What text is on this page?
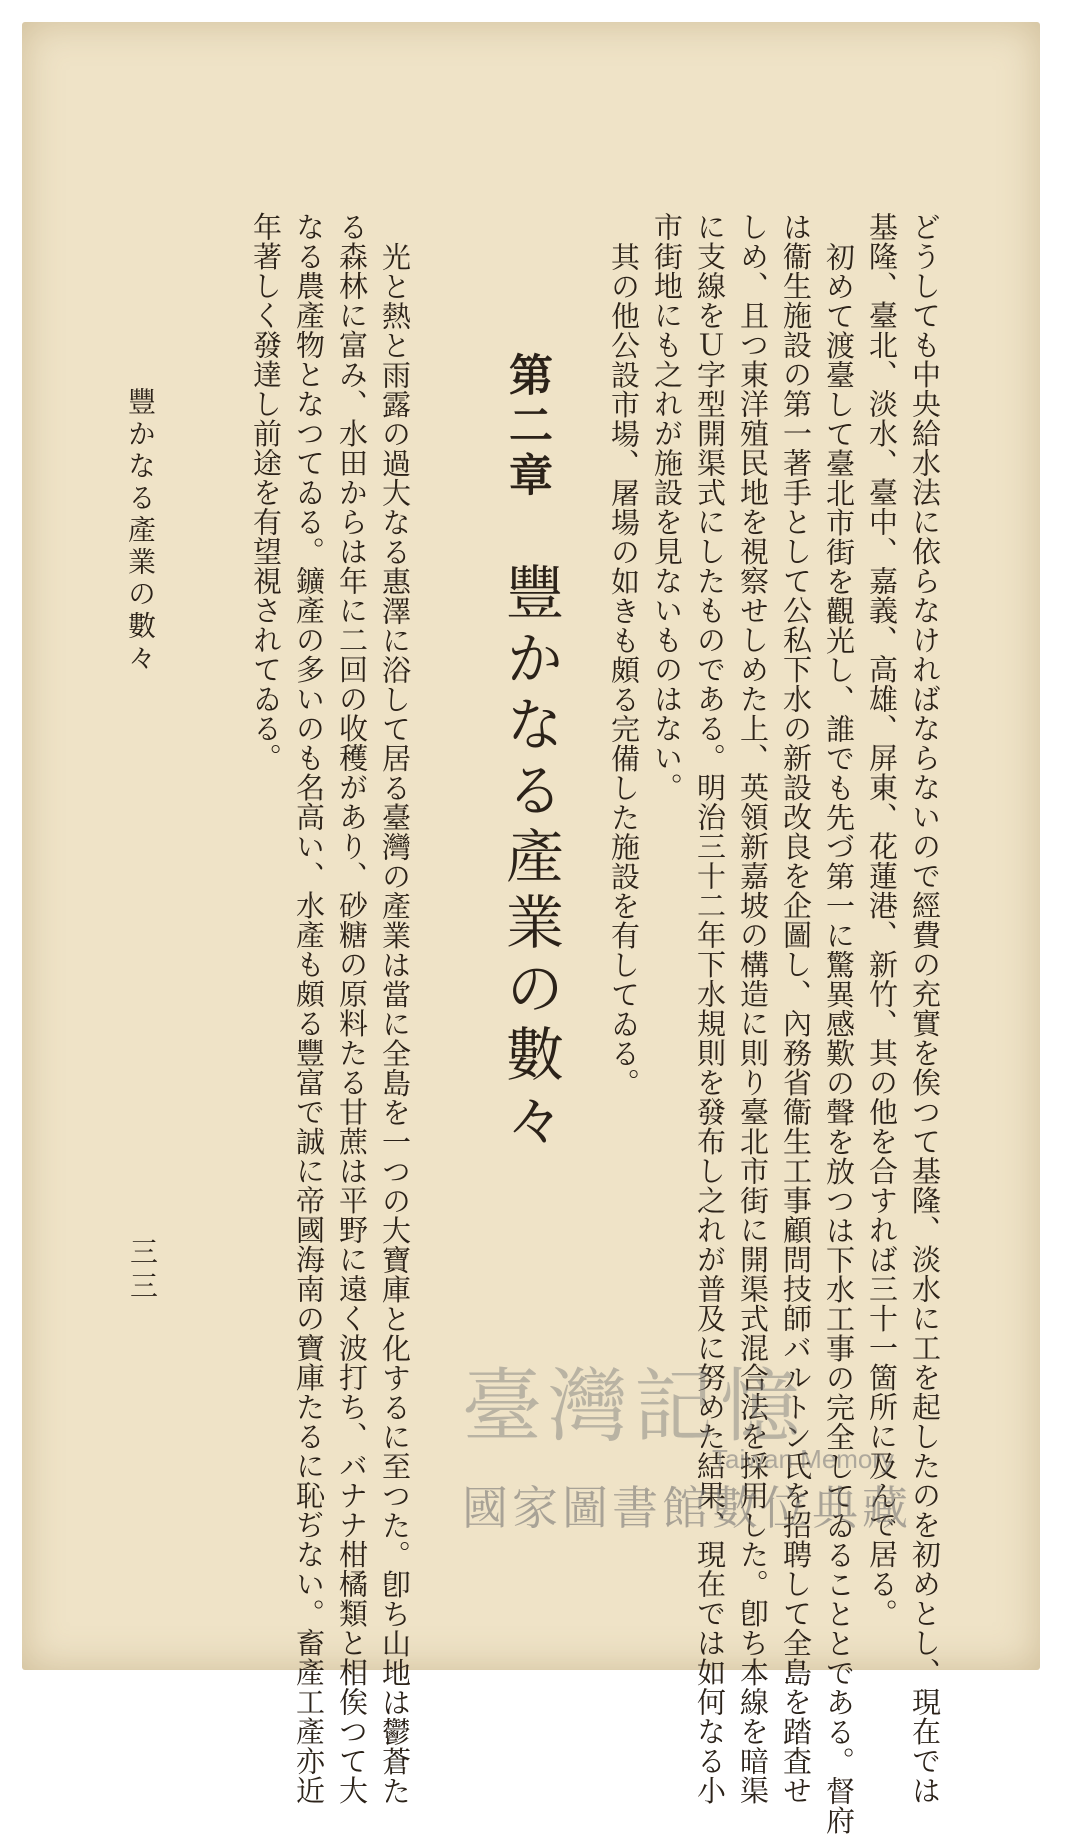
どうしても中央給水法に依らなければならないので經費の充實を俟つて基隆、淡水に工を起したのを初めとし、現在では
基隆、臺北、淡水、臺中、嘉義、高雄、屏東、花蓮港、新竹、其の他を合すれば三十一箇所に及んで居る。
初めて渡臺して臺北市街を觀光し、誰でも先づ第一に驚異感歎の聲を放つは下水工事の完全してゐることとである。督府
は衞生施設の第一著手として公私下水の新設改良を企圖し、內務省衞生工事顧問技師バルトン氏を招聘して全島を踏査せ
しめ、且つ東洋殖民地を視察せしめた上、英領新嘉坡の構造に則り臺北市街に開渠式混合法を採用した。卽ち本線を暗渠
に支線をＵ字型開渠式にしたものである。明治三十二年下水規則を發布し之れが普及に努めた結果、現在では如何なる小
市街地にも之れが施設を見ないものはない。
其の他公設市場、屠場の如きも頗る完備した施設を有してゐる。
第二章
豐かなる產業の數々
光と熱と雨露の過大なる惠澤に浴して居る臺灣の產業は當に全島を一つの大寶庫と化するに至つた。卽ち山地は鬱蒼た
る森林に富み、水田からは年に二回の收穫があり、砂糖の原料たる甘蔗は平野に遠く波打ち、バナナ柑橘類と相俟つて大
なる農產物となつてゐる。鑛產の多いのも名高い、水產も頗る豐富で誠に帝國海南の寶庫たるに恥ぢない。畜產工產亦近
年著しく發達し前途を有望視されてゐる。
豐かなる產業の數々
三三
臺灣記憶
Taiwan Memory
國家圖書館數位典藏
